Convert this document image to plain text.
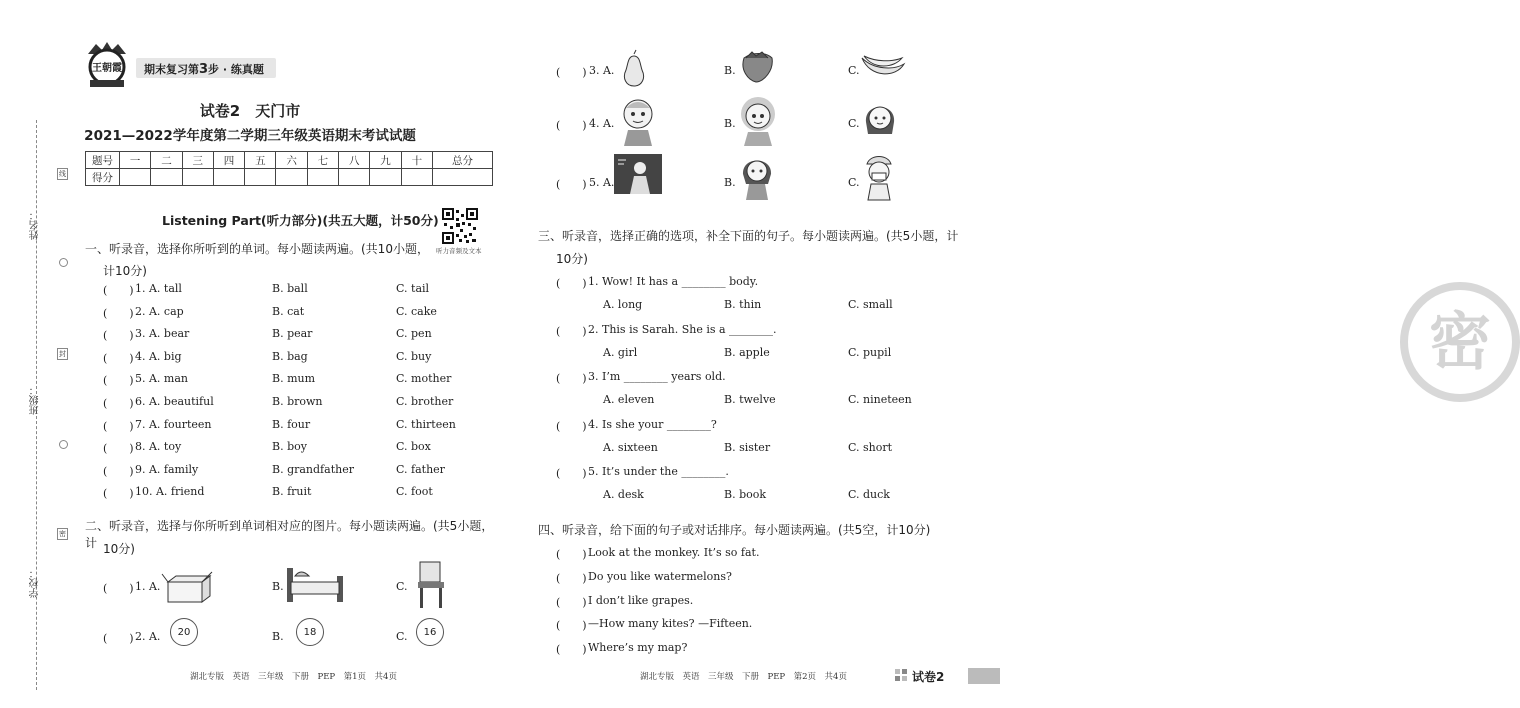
姓名：
班级：
学校：
线
封
密
王朝霞	期末复习第3步 · 练真题
试卷2　天门市
2021—2022学年度第二学期三年级英语期末考试试题
题号	一	二	三	四	五	六	七	八	九	十	总分
得分											
Listening Part(听力部分)(共五大题，计50分)
听力音频及文本
一、听录音，选择你所听到的单词。每小题读两遍。(共10小题，
计10分)
(　　) 1. A. tall	B. ball	C. tail
(　　) 2. A. cap	B. cat	C. cake
(　　) 3. A. bear	B. pear	C. pen
(　　) 4. A. big	B. bag	C. buy
(　　) 5. A. man	B. mum	C. mother
(　　) 6. A. beautiful	B. brown	C. brother
(　　) 7. A. fourteen	B. four	C. thirteen
(　　) 8. A. toy	B. boy	C. box
(　　) 9. A. family	B. grandfather	C. father
(　　) 10. A. friend	B. fruit	C. foot
二、听录音，选择与你所听到单词相对应的图片。每小题读两遍。(共5小题，计 10分)
(　　) 1. A.	B.	C.
(　　) 2. A.	20	B.	18	C.	16
湖北专版　英语　三年级　下册　PEP　第1页　共4页
(　　) 3. A.	B.	C.
(　　) 4. A.	B.	C.
(　　) 5. A.	B.	C.
三、听录音，选择正确的选项，补全下面的句子。每小题读两遍。(共5小题，计
10分)
(　　) 1. Wow! It has a ________ body.
A. long	B. thin	C. small
(　　) 2. This is Sarah. She is a ________.
A. girl	B. apple	C. pupil
(　　) 3. I’m ________ years old.
A. eleven	B. twelve	C. nineteen
(　　) 4. Is she your ________?
A. sixteen	B. sister	C. short
(　　) 5. It’s under the ________.
A. desk	B. book	C. duck
四、听录音，给下面的句子或对话排序。每小题读两遍。(共5空，计10分)
(　　) Look at the monkey. It’s so fat.
(　　) Do you like watermelons?
(　　) I don’t like grapes.
(　　) —How many kites? —Fifteen.
(　　) Where’s my map?
密
湖北专版　英语　三年级　下册　PEP　第2页　共4页	试卷2
